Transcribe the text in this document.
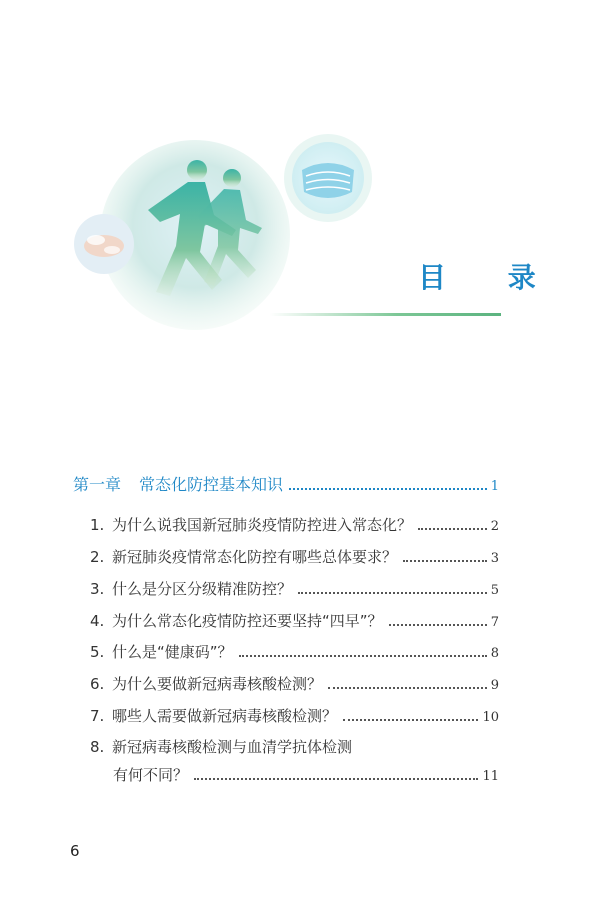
目 录
第一章 常态化防控基本知识	1
1. 为什么说我国新冠肺炎疫情防控进入常态化？	2
2. 新冠肺炎疫情常态化防控有哪些总体要求？	3
3. 什么是分区分级精准防控？	5
4. 为什么常态化疫情防控还要坚持“四早”？	7
5. 什么是“健康码”？	8
6. 为什么要做新冠病毒核酸检测？	9
7. 哪些人需要做新冠病毒核酸检测？	10
8. 新冠病毒核酸检测与血清学抗体检测
有何不同？	11
6
